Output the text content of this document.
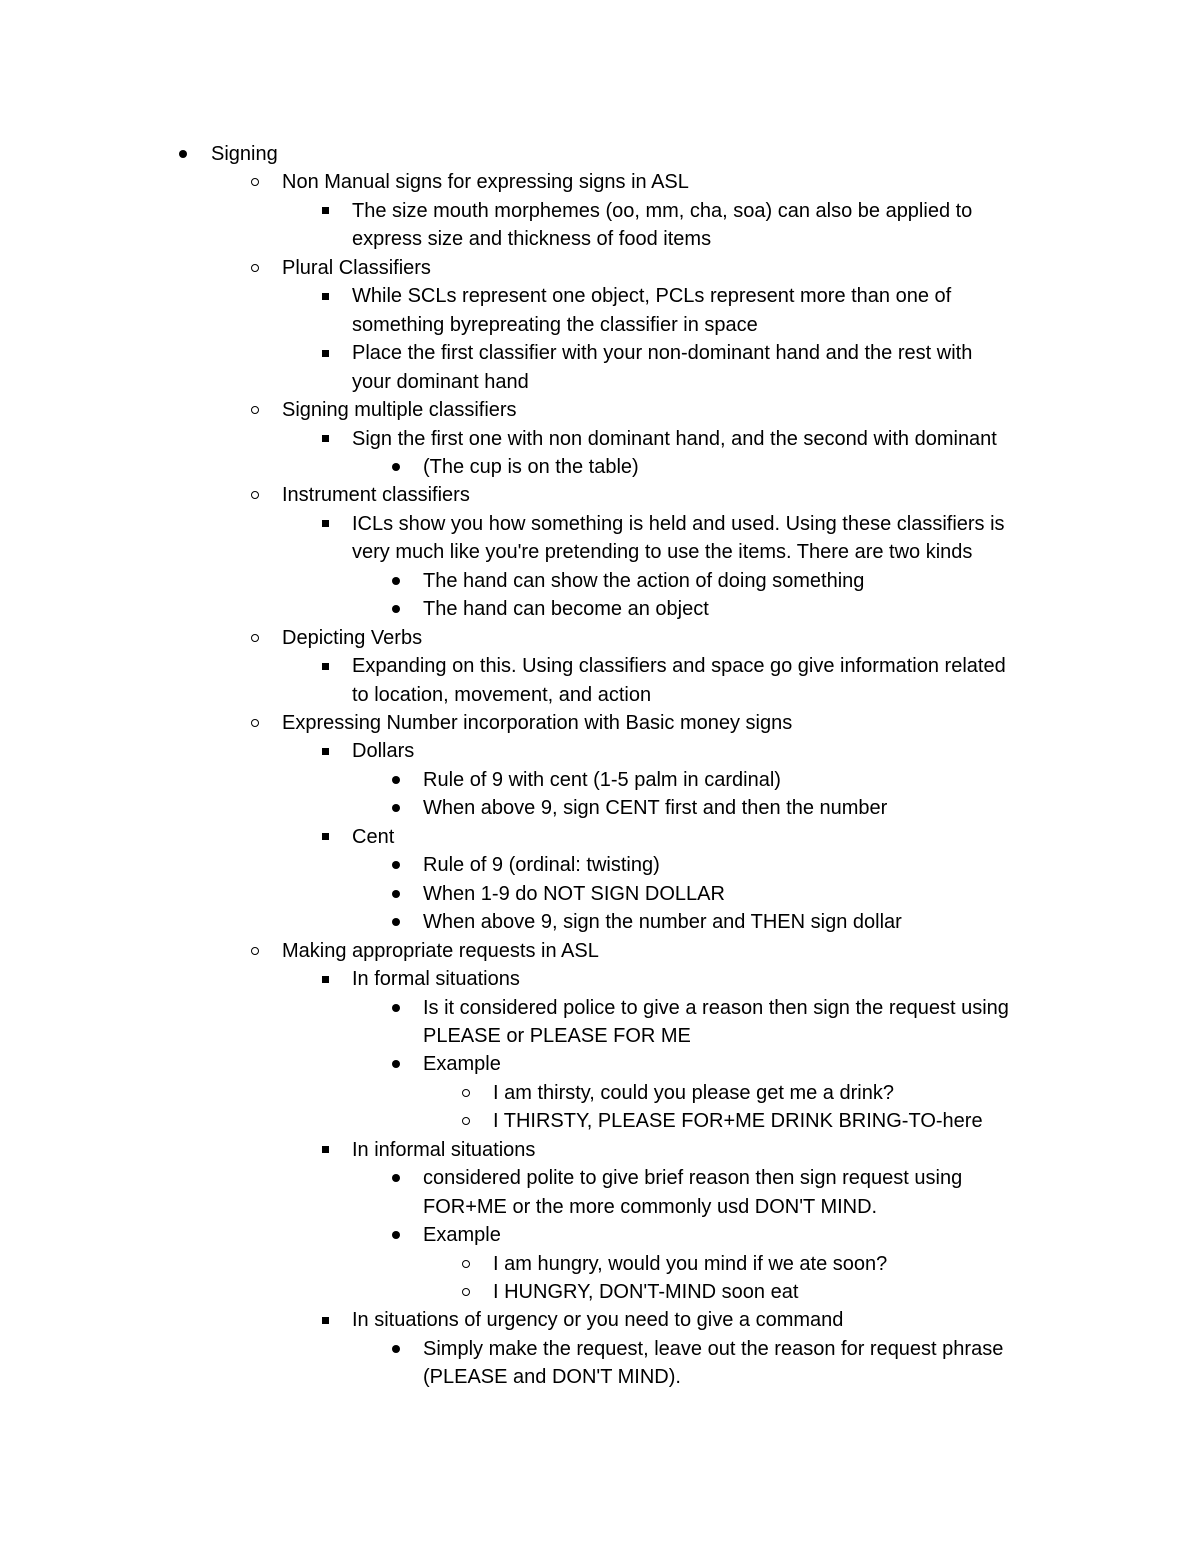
Signing
Non Manual signs for expressing signs in ASL
The size mouth morphemes (oo, mm, cha, soa) can also be applied to
express size and thickness of food items
Plural Classifiers
While SCLs represent one object, PCLs represent more than one of
something byrepreating the classifier in space
Place the first classifier with your non-dominant hand and the rest with
your dominant hand
Signing multiple classifiers
Sign the first one with non dominant hand, and the second with dominant
(The cup is on the table)
Instrument classifiers
ICLs show you how something is held and used. Using these classifiers is
very much like you're pretending to use the items. There are two kinds
The hand can show the action of doing something
The hand can become an object
Depicting Verbs
Expanding on this. Using classifiers and space go give information related
to location, movement, and action
Expressing Number incorporation with Basic money signs
Dollars
Rule of 9 with cent (1-5 palm in cardinal)
When above 9, sign CENT first and then the number
Cent
Rule of 9 (ordinal: twisting)
When 1-9 do NOT SIGN DOLLAR
When above 9, sign the number and THEN sign dollar
Making appropriate requests in ASL
In formal situations
Is it considered police to give a reason then sign the request using
PLEASE or PLEASE FOR ME
Example
I am thirsty, could you please get me a drink?
I THIRSTY, PLEASE FOR+ME DRINK BRING-TO-here
In informal situations
considered polite to give brief reason then sign request using
FOR+ME or the more commonly usd DON'T MIND.
Example
I am hungry, would you mind if we ate soon?
I HUNGRY, DON'T-MIND soon eat
In situations of urgency or you need to give a command
Simply make the request, leave out the reason for request phrase
(PLEASE and DON'T MIND).
